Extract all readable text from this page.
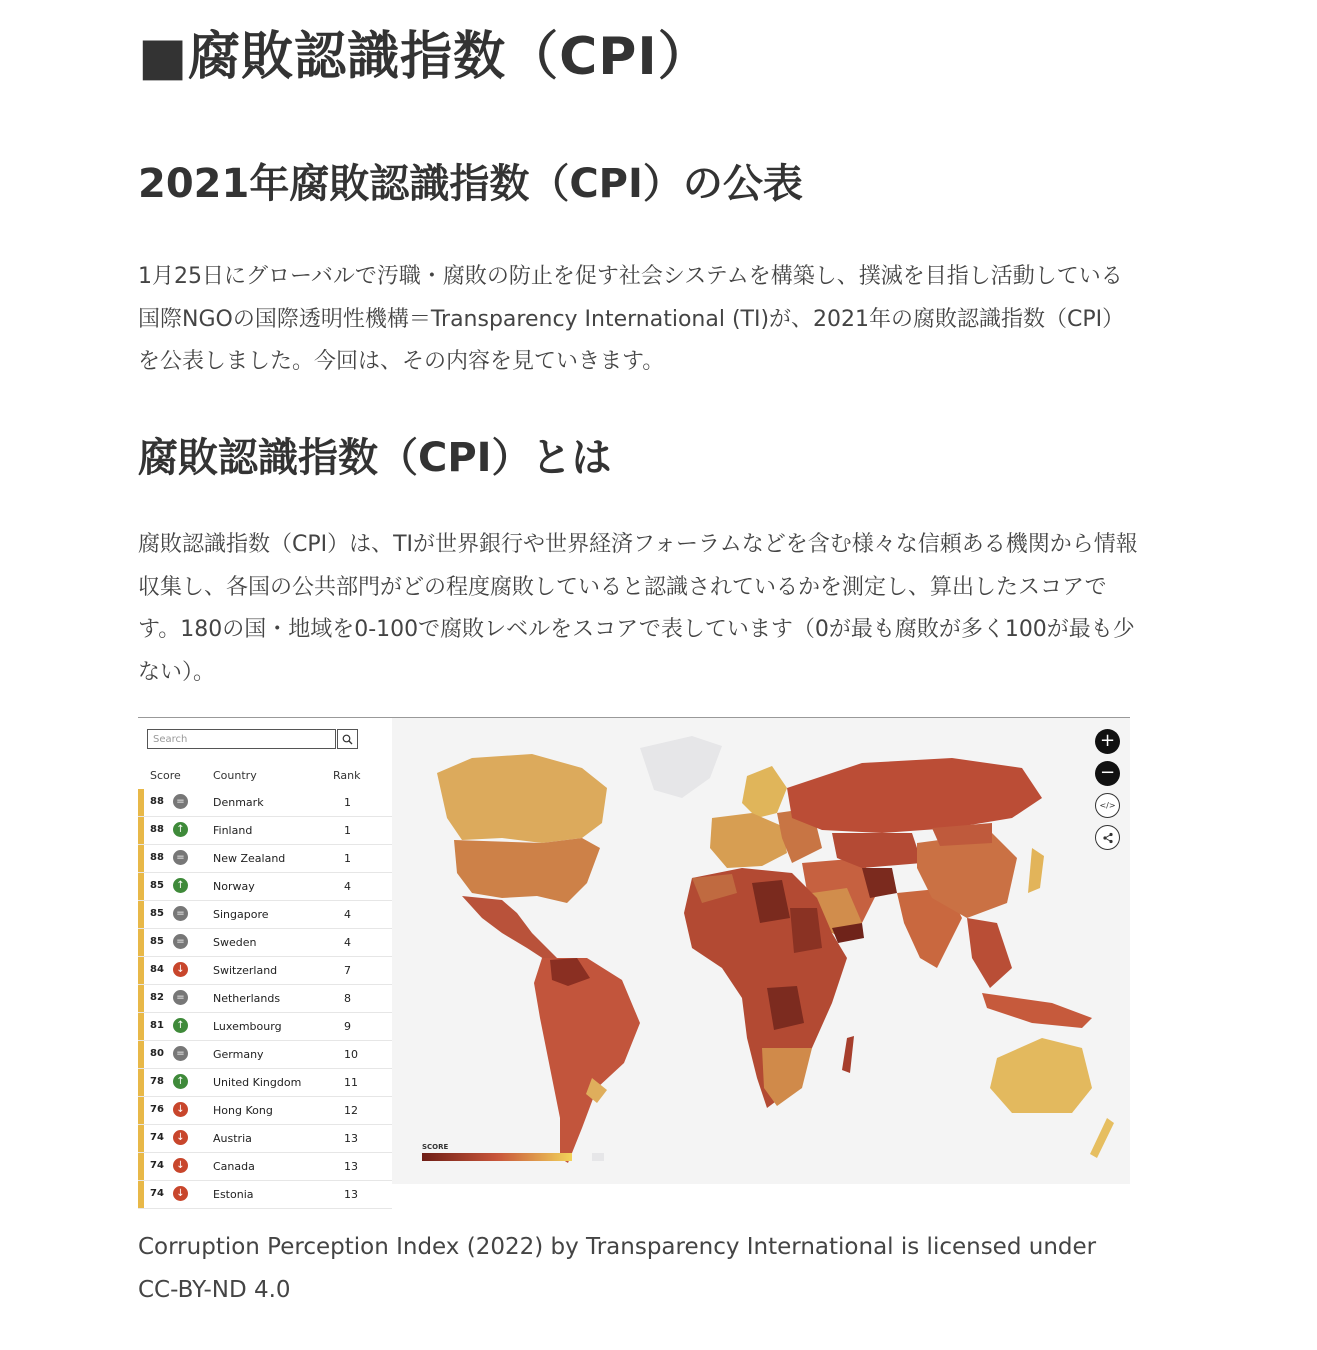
■腐敗認識指数（CPI）
2021年腐敗認識指数（CPI）の公表

1月25日にグローバルで汚職・腐敗の防止を促す社会システムを構築し、撲滅を目指し活動している国際NGOの国際透明性機構＝Transparency International (TI)が、2021年の腐敗認識指数（CPI）を公表しました。今回は、その内容を見ていきます。

腐敗認識指数（CPI）とは

腐敗認識指数（CPI）は、TIが世界銀行や世界経済フォーラムなどを含む様々な信頼ある機関から情報収集し、各国の公共部門がどの程度腐敗していると認識されているかを測定し、算出したスコアです。180の国・地域を0-100で腐敗レベルをスコアで表しています（0が最も腐敗が多く100が最も少ない）。

Search
Score	Country	Rank
88	=	Denmark	1
88	↑	Finland	1
88	=	New Zealand	1
85	↑	Norway	4
85	=	Singapore	4
85	=	Sweden	4
84	↓	Switzerland	7
82	=	Netherlands	8
81	↑	Luxembourg	9
80	=	Germany	10
78	↑	United Kingdom	11
76	↓	Hong Kong	12
74	↓	Austria	13
74	↓	Canada	13
74	↓	Estonia	13
SCORE
+
−
</>

Corruption Perception Index (2022) by Transparency International is licensed under CC-BY-ND 4.0
